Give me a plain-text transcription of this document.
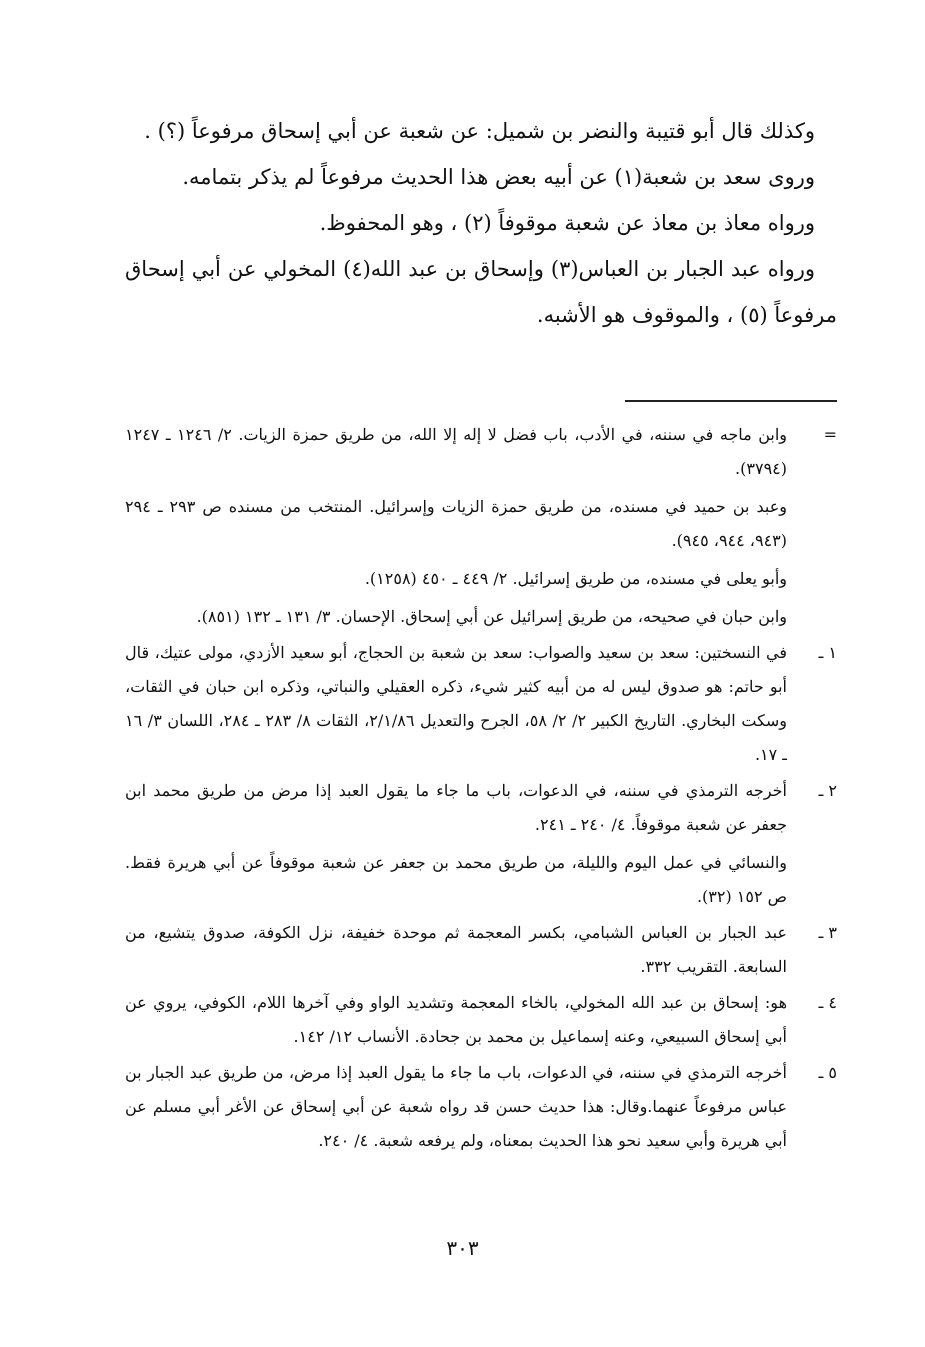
وكذلك قال أبو قتيبة والنضر بن شميل: عن شعبة عن أبي إسحاق مرفوعاً (؟) .

وروى سعد بن شعبة(١) عن أبيه بعض هذا الحديث مرفوعاً لم يذكر بتمامه.

ورواه معاذ بن معاذ عن شعبة موقوفاً (٢) ، وهو المحفوظ.

ورواه عبد الجبار بن العباس(٣) وإسحاق بن عبد الله(٤) المخولي عن أبي إسحاق مرفوعاً (٥) ، والموقوف هو الأشبه.

=

وابن ماجه في سننه، في الأدب، باب فضل لا إله إلا الله، من طريق حمزة الزيات. ٢/ ١٢٤٦ ـ ١٢٤٧ (٣٧٩٤).

وعبد بن حميد في مسنده، من طريق حمزة الزيات وإسرائيل. المنتخب من مسنده ص ٢٩٣ ـ ٢٩٤ (٩٤٣، ٩٤٤، ٩٤٥).

وأبو يعلى في مسنده، من طريق إسرائيل. ٢/ ٤٤٩ ـ ٤٥٠ (١٢٥٨).

وابن حبان في صحيحه، من طريق إسرائيل عن أبي إسحاق. الإحسان. ٣/ ١٣١ ـ ١٣٢ (٨٥١).

١ ـ

في النسختين: سعد بن سعيد والصواب: سعد بن شعبة بن الحجاج، أبو سعيد الأزدي، مولى عتيك، قال أبو حاتم: هو صدوق ليس له من أبيه كثير شيء، ذكره العقيلي والنباتي، وذكره ابن حبان في الثقات، وسكت البخاري. التاريخ الكبير ٢/ ٢/ ٥٨، الجرح والتعديل ٢/١/٨٦، الثقات ٨/ ٢٨٣ ـ ٢٨٤، اللسان ٣/ ١٦ ـ ١٧.

٢ ـ

أخرجه الترمذي في سننه، في الدعوات، باب ما جاء ما يقول العبد إذا مرض من طريق محمد ابن جعفر عن شعبة موقوفاً. ٤/ ٢٤٠ ـ ٢٤١.

والنسائي في عمل اليوم والليلة، من طريق محمد بن جعفر عن شعبة موقوفاً عن أبي هريرة فقط. ص ١٥٢ (٣٢).

٣ ـ

عبد الجبار بن العباس الشبامي، بكسر المعجمة ثم موحدة خفيفة، نزل الكوفة، صدوق يتشيع، من السابعة. التقريب ٣٣٢.

٤ ـ

هو: إسحاق بن عبد الله المخولي، بالخاء المعجمة وتشديد الواو وفي آخرها اللام، الكوفي، يروي عن أبي إسحاق السبيعي، وعنه إسماعيل بن محمد بن جحادة. الأنساب ١٢/ ١٤٢.

٥ ـ

أخرجه الترمذي في سننه، في الدعوات، باب ما جاء ما يقول العبد إذا مرض، من طريق عبد الجبار بن عباس مرفوعاً عنهما.وقال: هذا حديث حسن قد رواه شعبة عن أبي إسحاق عن الأغر أبي مسلم عن أبي هريرة وأبي سعيد نحو هذا الحديث بمعناه، ولم يرفعه شعبة. ٤/ ٢٤٠.

٣٠٣
